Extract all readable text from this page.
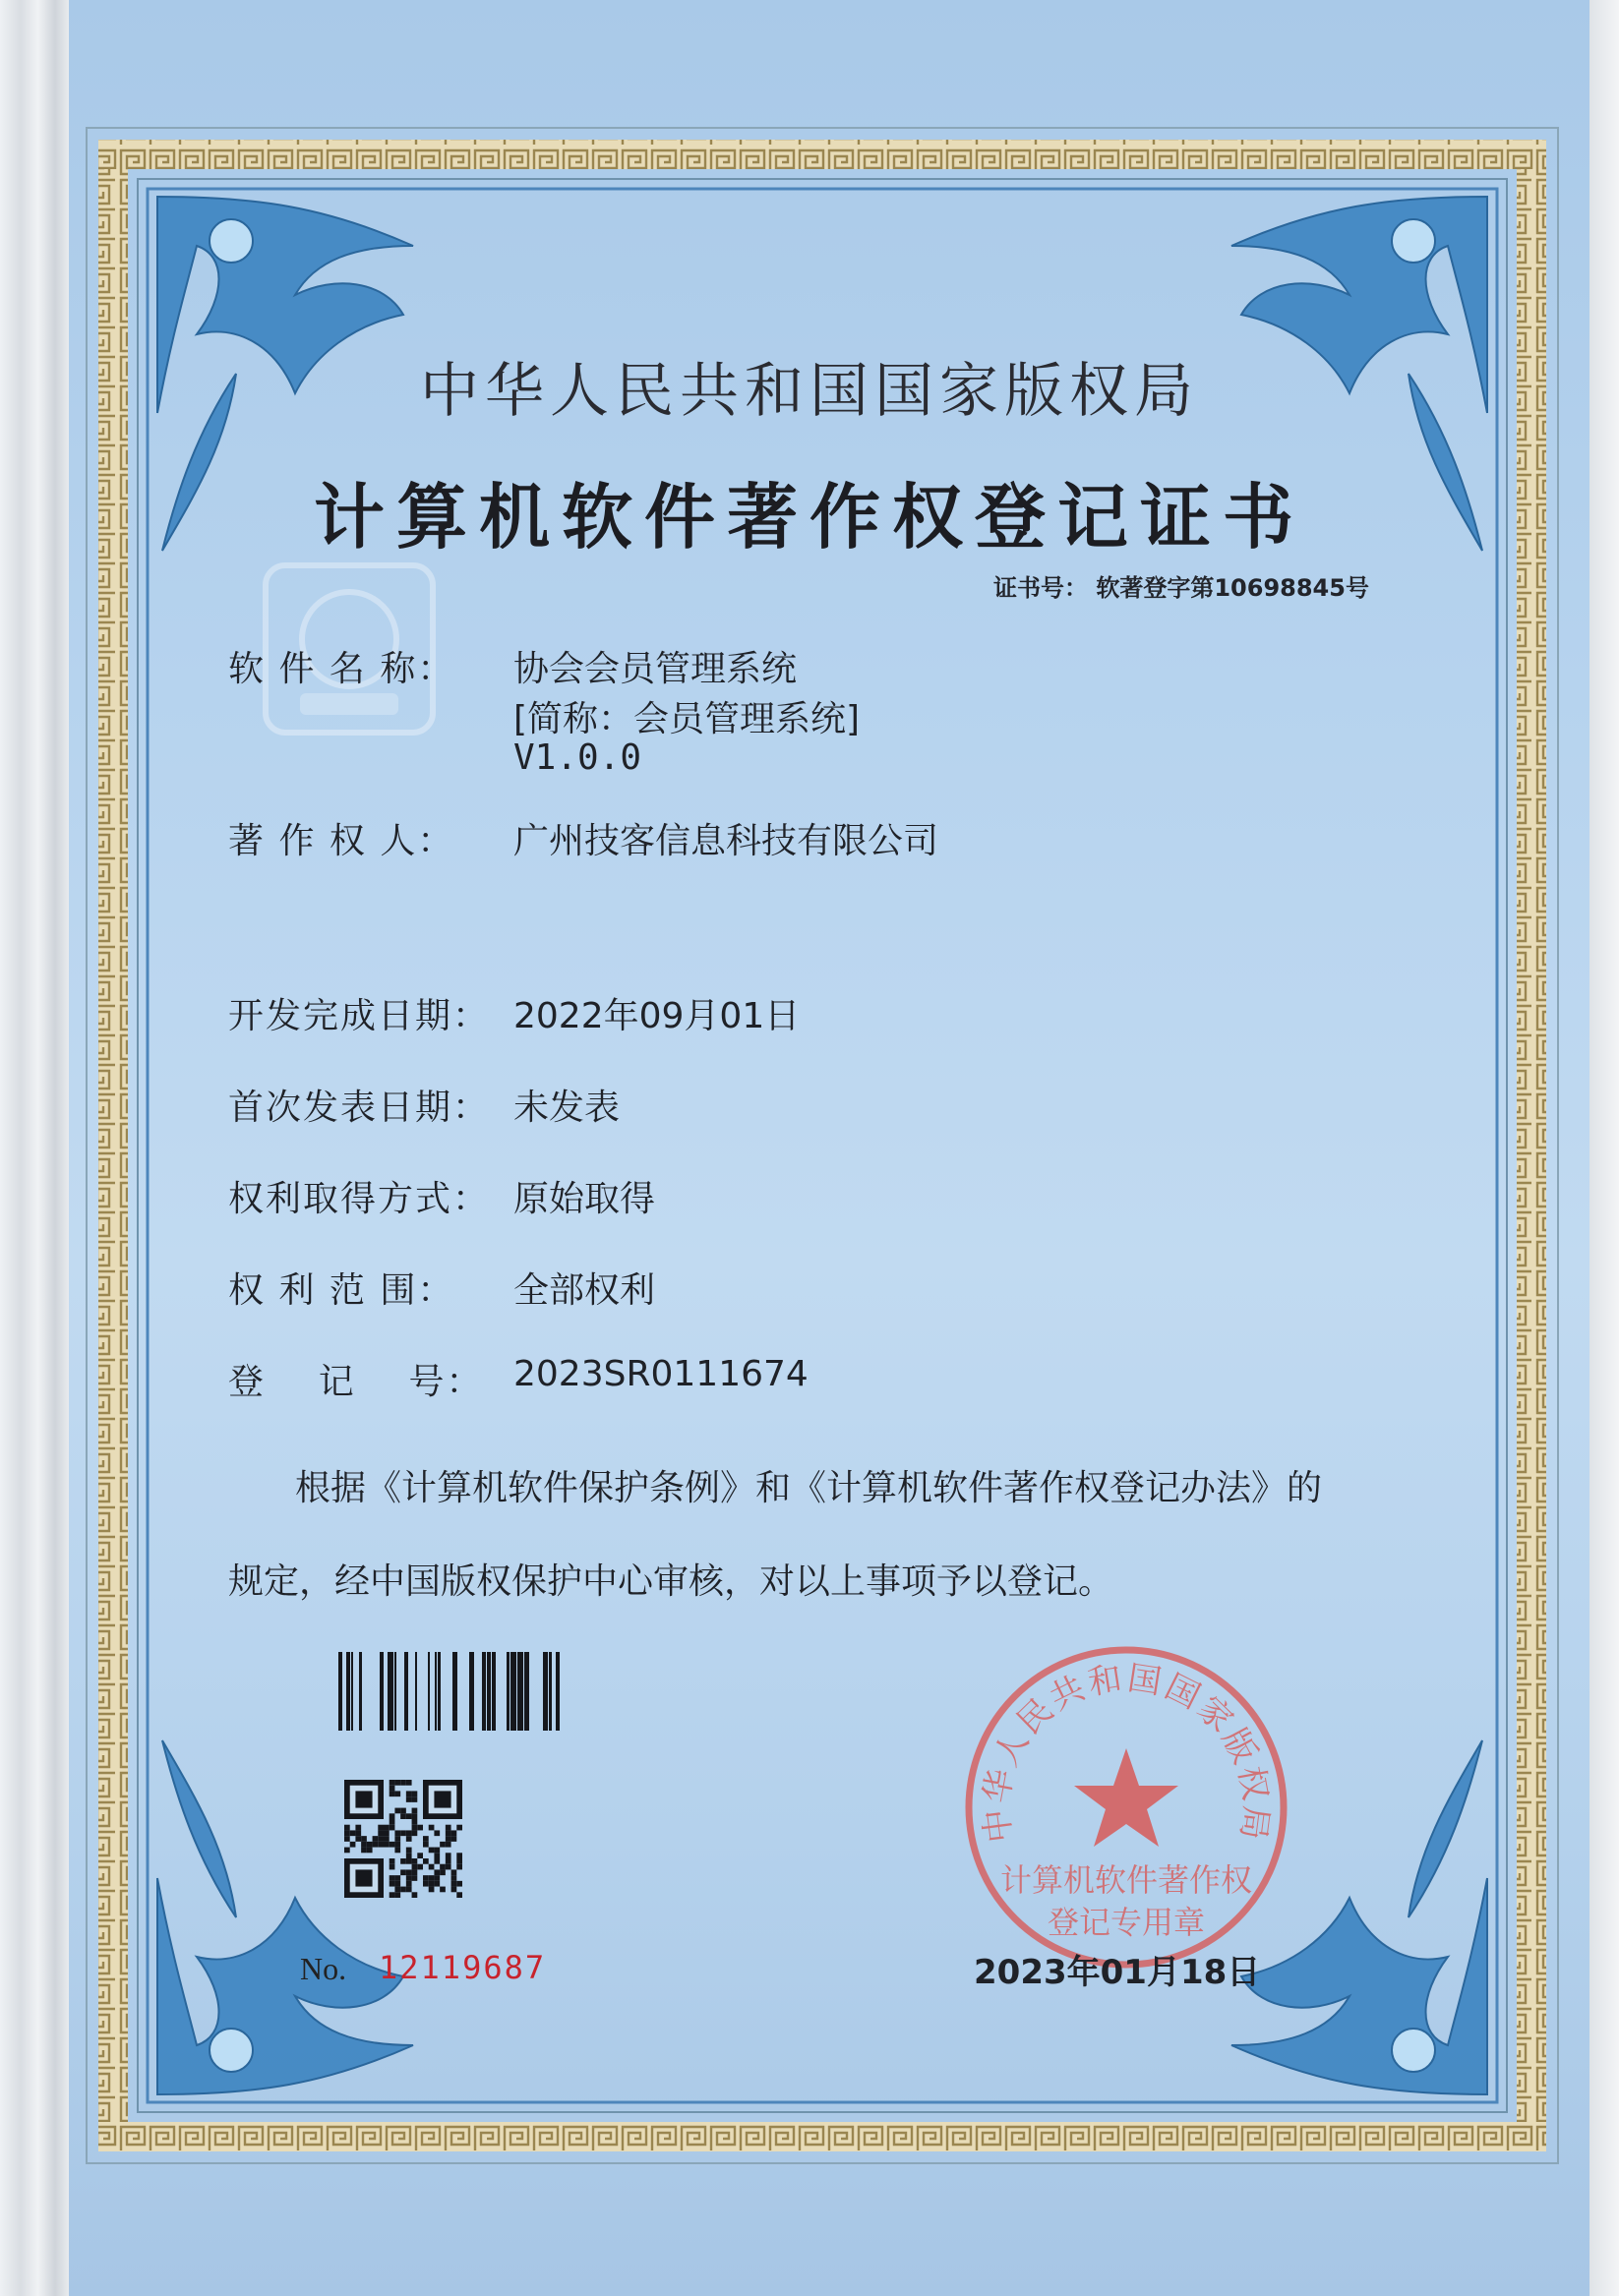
中华人民共和国国家版权局
计算机软件著作权登记证书
证书号： 软著登字第10698845号
软 件 名 称： 协会会员管理系统
[简称：会员管理系统]
V1.0.0
著 作 权 人： 广州技客信息科技有限公司
开发完成日期： 2022年09月01日
首次发表日期： 未发表
权利取得方式： 原始取得
权 利 范 围： 全部权利
登    记    号： 2023SR0111674
根据《计算机软件保护条例》和《计算机软件著作权登记办法》的
规定，经中国版权保护中心审核，对以上事项予以登记。
No. 12119687
中华人民共和国国家版权局
计算机软件著作权
登记专用章
2023年01月18日
